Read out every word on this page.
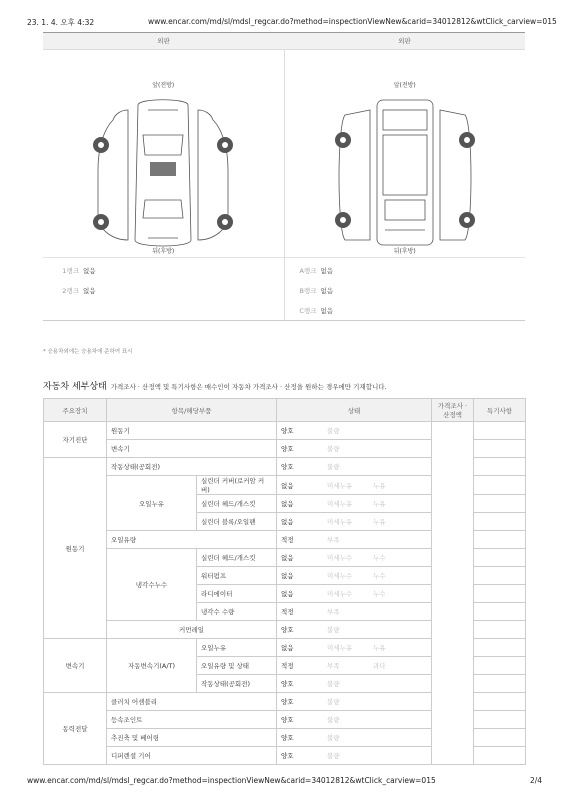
23. 1. 4. 오후 4:32	www.encar.com/md/sl/mdsl_regcar.do?method=inspectionViewNew&carid=34012812&wtClick_carview=015
외판	외판
앞(전방)
뒤(후방)
1랭크 없음
2랭크 없음
앞(전방)
뒤(후방)
A랭크 없음
B랭크 없음
C랭크 없음
* 승용차외에는 승용차에 준하여 표시
자동차 세부상태 가격조사 · 산정액 및 특기사항은 매수인이 자동차 가격조사 · 산정을 원하는 경우에만 기재합니다.
주요장치	항목/해당부품		상태	가격조사 · 산정액	특기사항
자기진단	원동기		양호 불량		
	변속기		양호 불량		
원동기	작동상태(공회전)		양호 불량		
	오일누유	실린더 커버(로커암 커버)	없음 미세누유 누유		
		실린더 헤드/개스킷	없음 미세누유 누유		
		실린더 블록/오일팬	없음 미세누유 누유		
	오일유량		적정 부족		
	냉각수누수	실린더 헤드/개스킷	없음 미세누수 누수		
		워터펌프	없음 미세누수 누수		
		라디에이터	없음 미세누수 누수		
		냉각수 수량	적정 부족		
	커먼레일		양호 불량		
변속기	자동변속기(A/T)	오일누유	없음 미세누유 누유		
		오일유량 및 상태	적정 부족 과다		
		작동상태(공회전)	양호 불량		
동력전달	클러치 어셈블리		양호 불량		
	등속조인트		양호 불량		
	추진축 및 베어링		양호 불량		
	디퍼렌셜 기어		양호 불량		
www.encar.com/md/sl/mdsl_regcar.do?method=inspectionViewNew&carid=34012812&wtClick_carview=015	2/4
